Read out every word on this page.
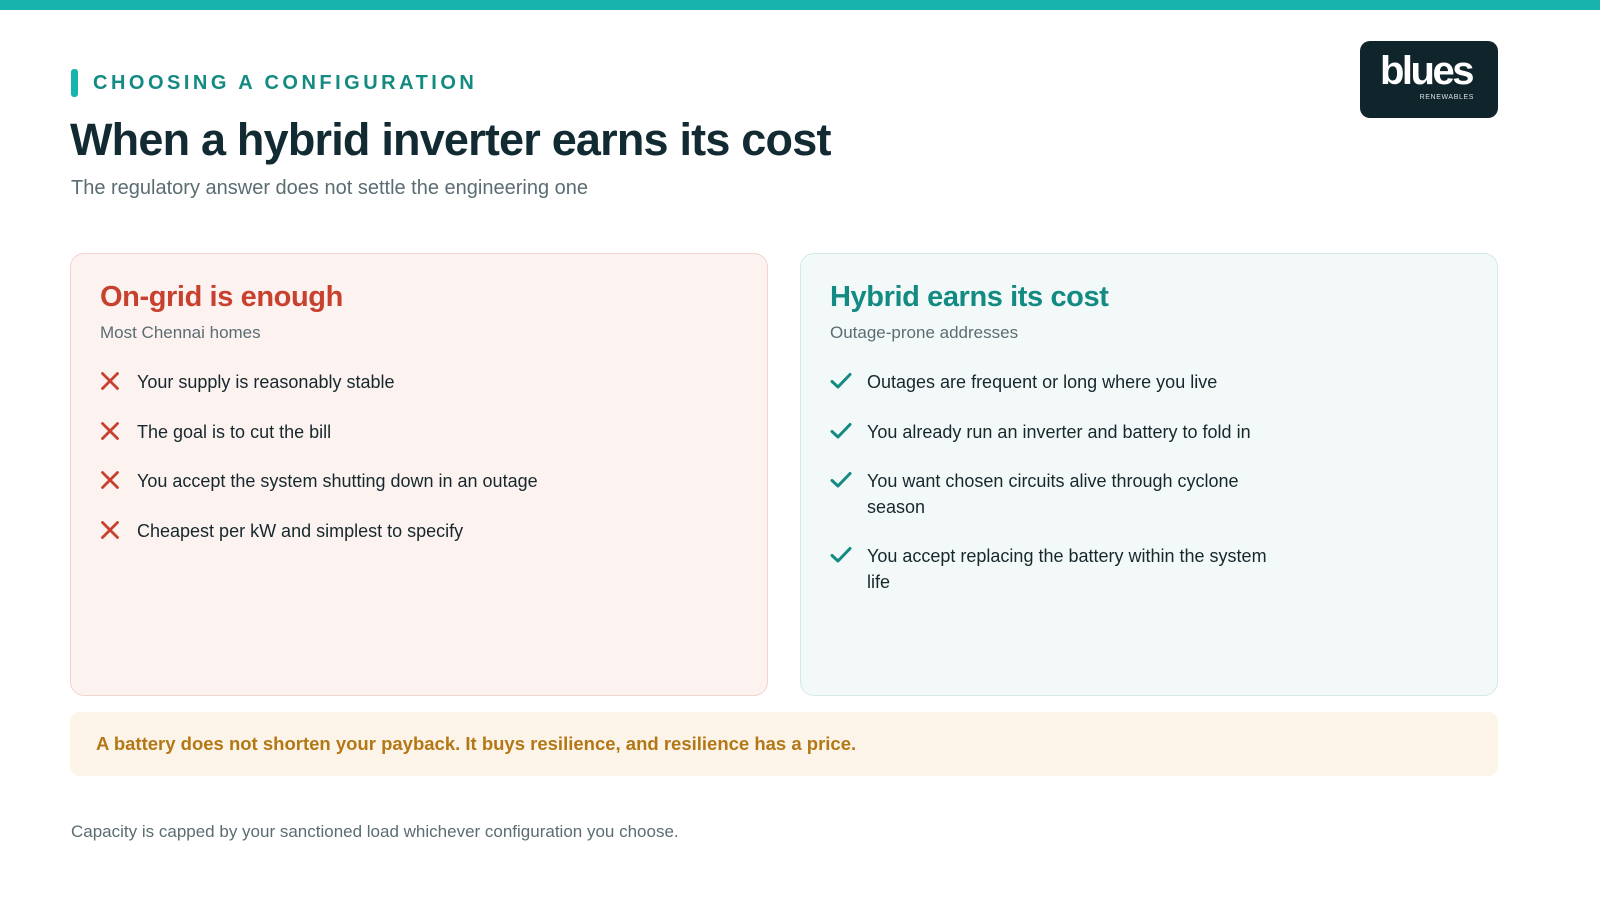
CHOOSING A CONFIGURATION
When a hybrid inverter earns its cost
The regulatory answer does not settle the engineering one
blues
RENEWABLES
On-grid is enough
Most Chennai homes
Your supply is reasonably stable
The goal is to cut the bill
You accept the system shutting down in an outage
Cheapest per kW and simplest to specify
Hybrid earns its cost
Outage-prone addresses
Outages are frequent or long where you live
You already run an inverter and battery to fold in
You want chosen circuits alive through cyclone season
You accept replacing the battery within the system life
A battery does not shorten your payback. It buys resilience, and resilience has a price.
Capacity is capped by your sanctioned load whichever configuration you choose.
